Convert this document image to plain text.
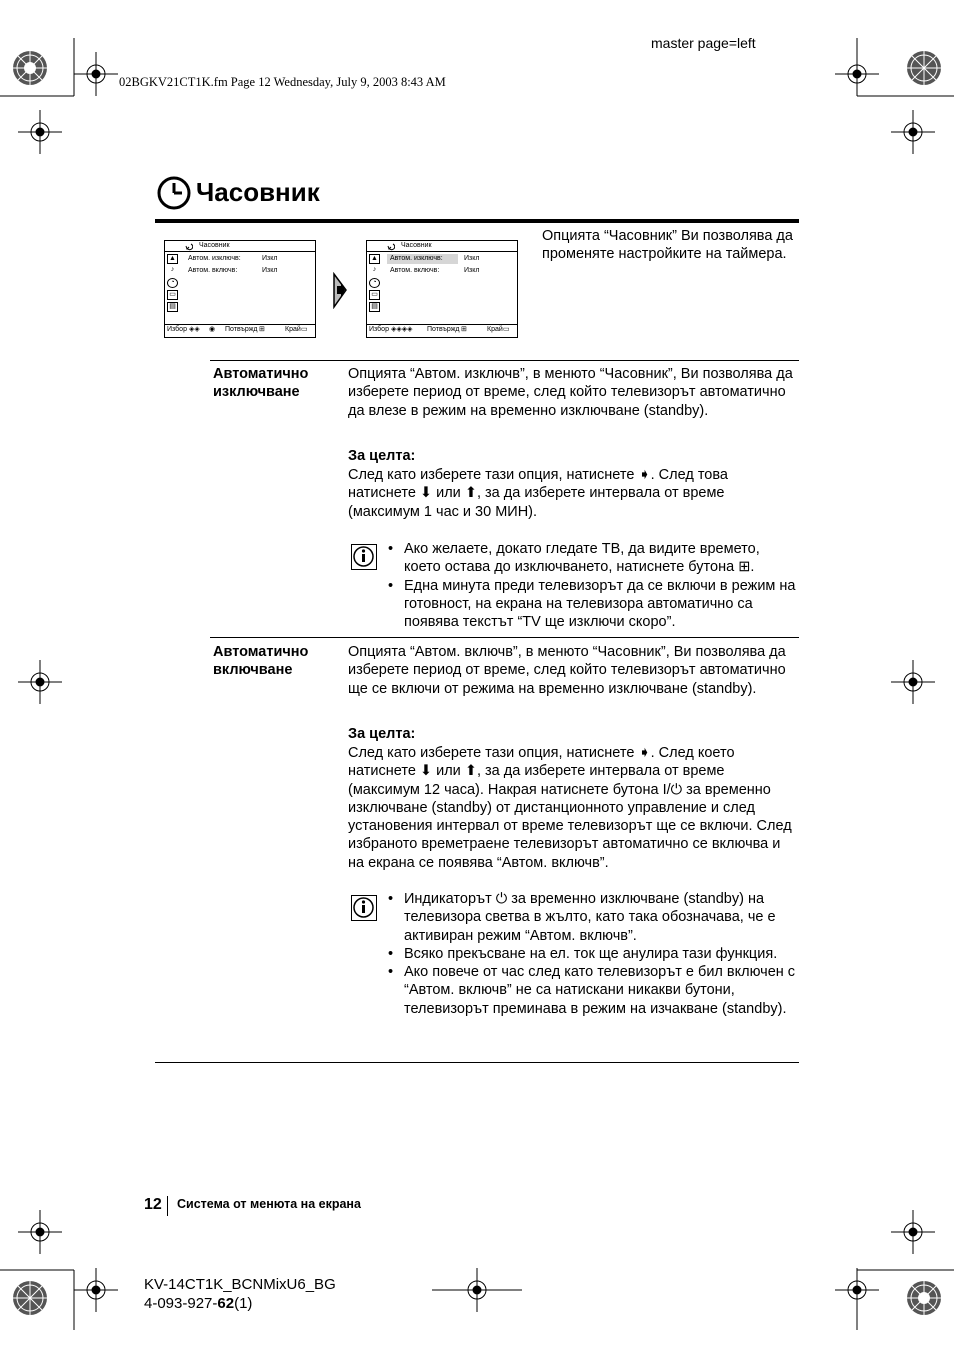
master page=left
02BGKV21CT1K.fm Page 12 Wednesday, July 9, 2003 8:43 AM
Часовник
Часовник
▲
♪
◔
▭
▤
Автом. изключв:	Изкл
Автом. включв:	Изкл
Избор ◈◈ ◉ Потвържд ⊞	Край ▭
Часовник
▲
♪
◔
▭
▤
Автом. изключв:	Изкл
Автом. включв:	Изкл
Избор ◈◈◈◈ Потвържд ⊞	Край ▭
Опцията “Часовник” Ви позволява да променяте настройките на таймера.
Автоматично
изключване
Опцията “Автом. изключв”, в менюто “Часовник”, Ви позволява да изберете период от време, след който телевизорът автоматично да влезе в режим на временно изключване (standby).
За целта:
След като изберете тази опция, натиснете ➧. След това натиснете ⬇ или ⬆, за да изберете интервала от време (максимум 1 час и 30 МИН).
• Ако желаете, докато гледате ТВ, да видите времето, което остава до изключването, натиснете бутона ⊞.
• Една минута преди телевизорът да се включи в режим на готовност, на екрана на телевизора автоматично са появява текстът “TV ще изключи скоро”.
Автоматично
включване
Опцията “Автом. включв”, в менюто “Часовник”, Ви позволява да изберете период от време, след който телевизорът автоматично ще се включи от режима на временно изключване (standby).
За целта:
След като изберете тази опция, натиснете ➧. След което натиснете ⬇ или ⬆, за да изберете интервала от време (максимум 12 часа). Накрая натиснете бутона I/⏻ за временно изключване (standby) от дистанционното управление и след установения интервал от време телевизорът ще се включи. След избраното времетраене телевизорът автоматично се включва и на екрана се появява “Автом. включв”.
• Индикаторът ⏻ за временно изключване (standby) на телевизора светва в жълто, като така обозначава, че е активиран режим “Автом. включв”.
• Всяко прекъсване на ел. ток ще анулира тази функция.
• Ако повече от час след като телевизорът е бил включен с “Автом. включв” не са натискани никакви бутони, телевизорът преминава в режим на изчакване (standby).
12 Система от менюта на екрана
KV-14CT1K_BCNMixU6_BG
4-093-927-62(1)
